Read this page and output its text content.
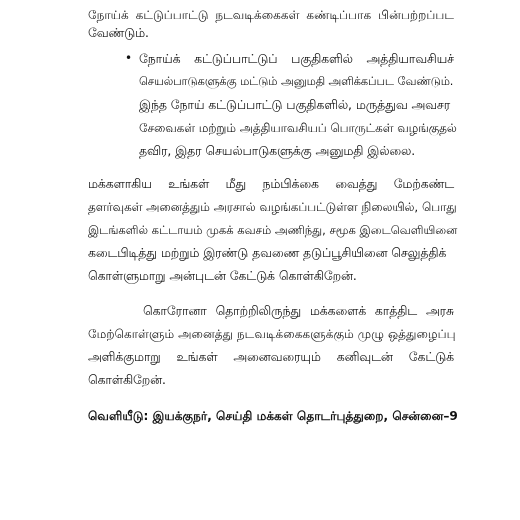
நோய்க் கட்டுப்பாட்டு நடவடிக்கைகள் கண்டிப்பாக பின்பற்றப்பட
வேண்டும்.
• நோய்க் கட்டுப்பாட்டுப் பகுதிகளில் அத்தியாவசியச்
செயல்பாடுகளுக்கு மட்டும் அனுமதி அளிக்கப்பட வேண்டும்.
இந்த நோய் கட்டுப்பாட்டு பகுதிகளில், மருத்துவ அவசர
சேவைகள் மற்றும் அத்தியாவசியப் பொருட்கள் வழங்குதல்
தவிர, இதர செயல்பாடுகளுக்கு அனுமதி இல்லை.
மக்களாகிய உங்கள் மீது நம்பிக்கை வைத்து மேற்கண்ட
தளர்வுகள் அனைத்தும் அரசால் வழங்கப்பட்டுள்ள நிலையில், பொது
இடங்களில் கட்டாயம் முகக் கவசம் அணிந்து, சமூக இடைவெளியினை
கடைபிடித்து மற்றும் இரண்டு தவணை தடுப்பூசியினை செலுத்திக்
கொள்ளுமாறு அன்புடன் கேட்டுக் கொள்கிறேன்.
கொரோனா தொற்றிலிருந்து மக்களைக் காத்திட அரசு
மேற்கொள்ளும் அனைத்து நடவடிக்கைகளுக்கும் முழு ஒத்துழைப்பு
அளிக்குமாறு உங்கள் அனைவரையும் கனிவுடன் கேட்டுக்
கொள்கிறேன்.
வெளியீடு: இயக்குநர், செய்தி மக்கள் தொடர்புத்துறை, சென்னை–9
